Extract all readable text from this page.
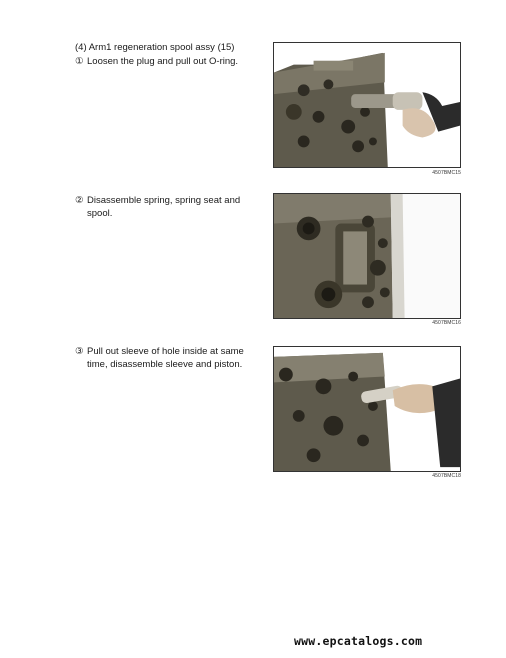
(4) Arm1 regeneration spool assy (15)
① Loosen the plug and pull out O-ring.
4507BMC15
② Disassemble spring, spring seat and
spool.
4507BMC16
③ Pull out sleeve of hole inside at same
time, disassemble sleeve and piston.
4507BMC18
www.epcatalogs.com
